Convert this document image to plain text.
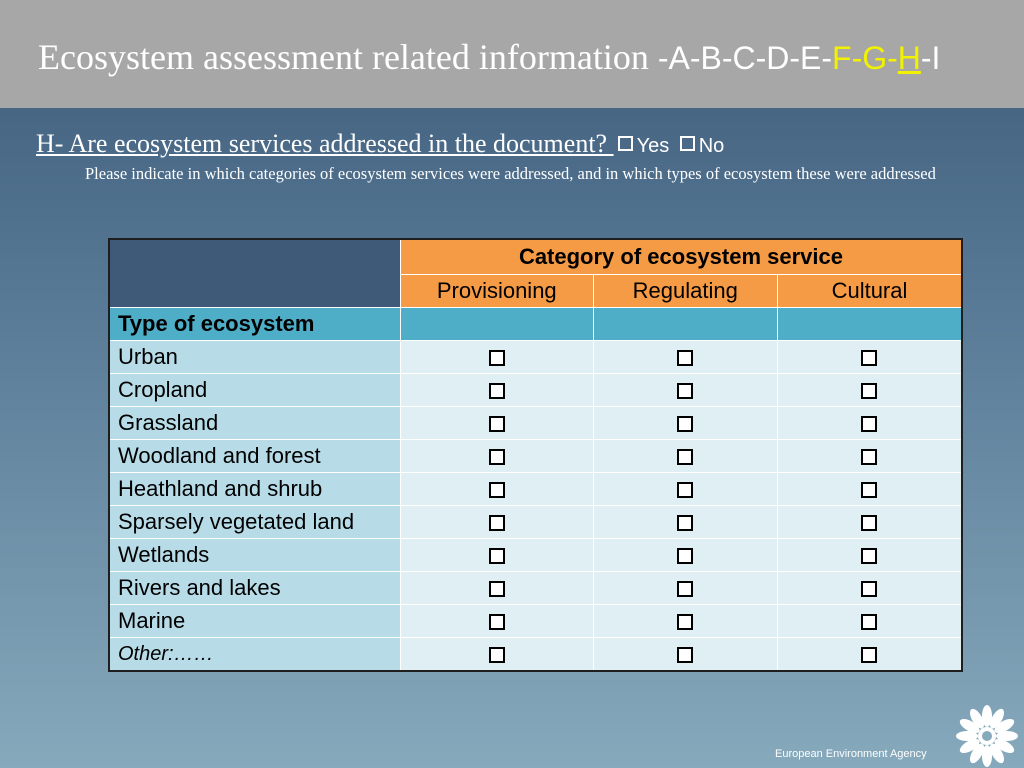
Ecosystem assessment related information -A-B-C-D-E-F-G-H-I
H- Are ecosystem services addressed in the document? Yes No
Please indicate in which categories of ecosystem services were addressed, and in which types of ecosystem these were addressed
	Category of ecosystem service		
	Provisioning	Regulating	Cultural
Type of ecosystem			
Urban			
Cropland			
Grassland			
Woodland and forest			
Heathland and shrub			
Sparsely vegetated land			
Wetlands			
Rivers and lakes			
Marine			
Other:……			
European Environment Agency
